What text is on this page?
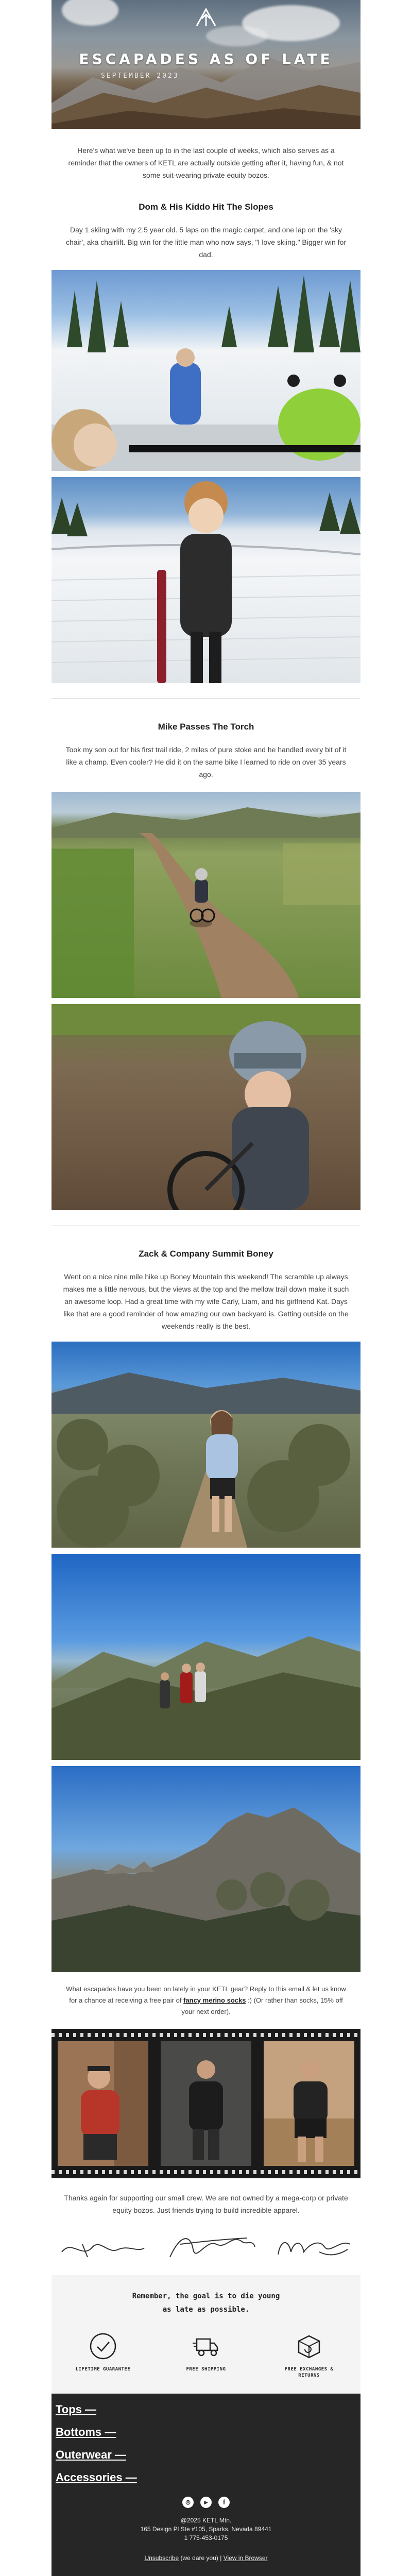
ESCAPADES AS OF LATE
SEPTEMBER 2023
Here's what we've been up to in the last couple of weeks, which also serves as a reminder that the owners of KETL are actually outside getting after it, having fun, & not some suit-wearing private equity bozos.
Dom & His Kiddo Hit The Slopes
Day 1 skiing with my 2.5 year old. 5 laps on the magic carpet, and one lap on the 'sky chair', aka chairlift. Big win for the little man who now says, "I love skiing." Bigger win for dad.
Mike Passes The Torch
Took my son out for his first trail ride, 2 miles of pure stoke and he handled every bit of it like a champ. Even cooler? He did it on the same bike I learned to ride on over 35 years ago.
Zack & Company Summit Boney
Went on a nice nine mile hike up Boney Mountain this weekend! The scramble up always makes me a little nervous, but the views at the top and the mellow trail down make it such an awesome loop. Had a great time with my wife Carly, Liam, and his girlfriend Kat. Days like that are a good reminder of how amazing our own backyard is. Getting outside on the weekends really is the best.
What escapades have you been on lately in your KETL gear? Reply to this email & let us know for a chance at receiving a free pair of fancy merino socks :) (Or rather than socks, 15% off your next order).
Thanks again for supporting our small crew. We are not owned by a mega-corp or private equity bozos. Just friends trying to build incredible apparel.
Remember, the goal is to die young
as late as possible.
LIFETIME GUARANTEE	FREE SHIPPING	FREE EXCHANGES & RETURNS
Tops —
Bottoms —
Outerwear —
Accessories —
◎	▶	f
@2025 KETL Mtn.
165 Design Pl Ste #105, Sparks, Nevada 89441
1 775-453-0175
Unsubscribe (we dare you) | View in Browser
